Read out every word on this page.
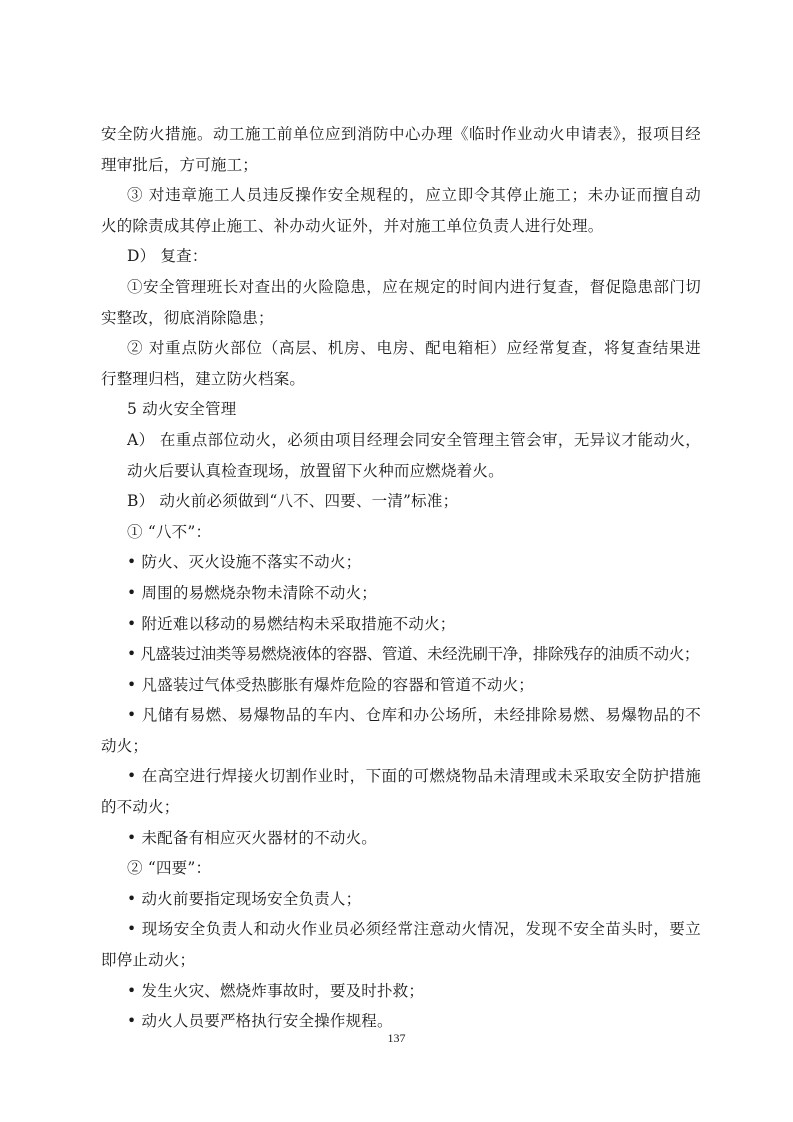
安全防火措施。动工施工前单位应到消防中心办理《临时作业动火申请表》，报项目经
理审批后，方可施工；
③ 对违章施工人员违反操作安全规程的，应立即令其停止施工；未办证而擅自动
火的除责成其停止施工、补办动火证外，并对施工单位负责人进行处理。
D） 复查：
①安全管理班长对查出的火险隐患，应在规定的时间内进行复查，督促隐患部门切
实整改，彻底消除隐患；
② 对重点防火部位（高层、机房、电房、配电箱柜）应经常复查，将复查结果进
行整理归档，建立防火档案。
5 动火安全管理
A） 在重点部位动火，必须由项目经理会同安全管理主管会审，无异议才能动火，
动火后要认真检查现场，放置留下火种而应燃烧着火。
B） 动火前必须做到“八不、四要、一清”标准；
① “八不”：
• 防火、灭火设施不落实不动火；
• 周围的易燃烧杂物未清除不动火；
• 附近难以移动的易燃结构未采取措施不动火；
• 凡盛装过油类等易燃烧液体的容器、管道、未经洗刷干净，排除残存的油质不动火；
• 凡盛装过气体受热膨胀有爆炸危险的容器和管道不动火；
• 凡储有易燃、易爆物品的车内、仓库和办公场所，未经排除易燃、易爆物品的不
动火；
• 在高空进行焊接火切割作业时，下面的可燃烧物品未清理或未采取安全防护措施
的不动火；
• 未配备有相应灭火器材的不动火。
② “四要”：
• 动火前要指定现场安全负责人；
• 现场安全负责人和动火作业员必须经常注意动火情况，发现不安全苗头时，要立
即停止动火；
• 发生火灾、燃烧炸事故时，要及时扑救；
• 动火人员要严格执行安全操作规程。
137
